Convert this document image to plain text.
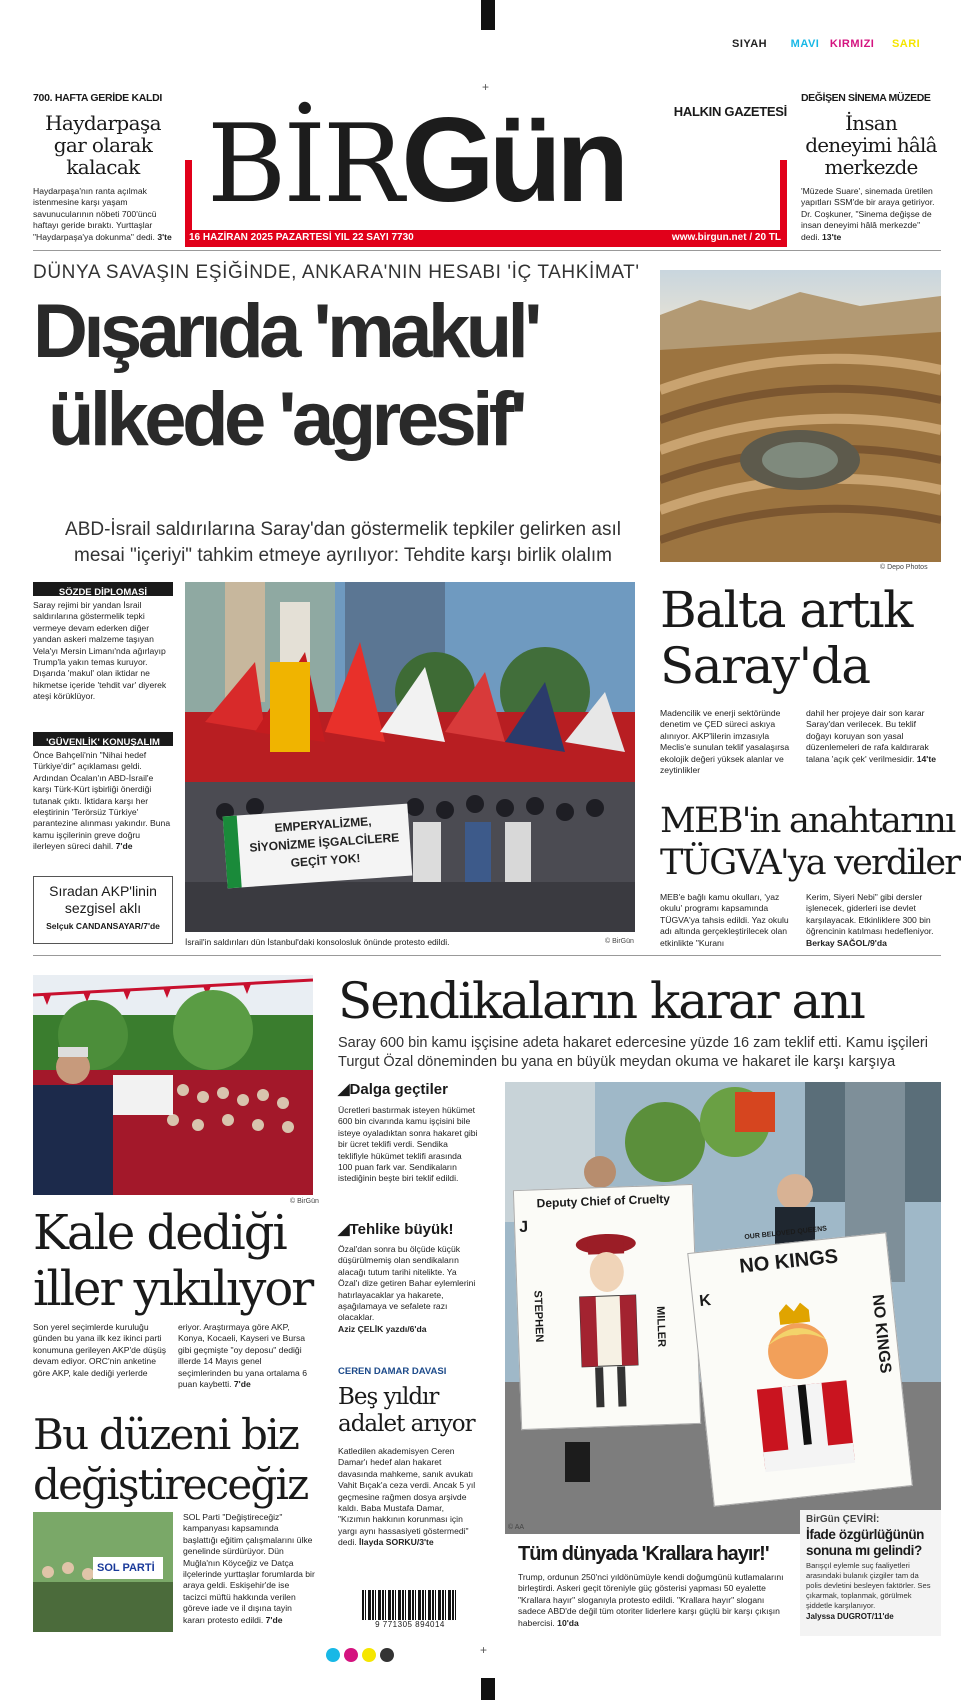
SIYAH MAVI KIRMIZI SARI
+
700. HAFTA GERİDE KALDI
Haydarpaşa gar olarak kalacak
Haydarpaşa'nın ranta açılmak istenmesine karşı yaşam savunucularının nöbeti 700'üncü haftayı geride bıraktı. Yurttaşlar "Haydarpaşa'ya dokunma" dedi. 3'te
BİRGün	HALKIN GAZETESİ
16 HAZİRAN 2025 PAZARTESİ YIL 22 SAYI 7730	www.birgun.net / 20 TL
DEĞİŞEN SİNEMA MÜZEDE
İnsan deneyimi hâlâ merkezde
'Müzede Suare', sinemada üretilen yapıtları SSM'de bir araya getiriyor. Dr. Coşkuner, "Sinema değişse de insan deneyimi hâlâ merkezde" dedi. 13'te
DÜNYA SAVAŞIN EŞİĞİNDE, ANKARA'NIN HESABI 'İÇ TAHKİMAT'
Dışarıda 'makul'
ülkede 'agresif'
ABD-İsrail saldırılarına Saray'dan göstermelik tepkiler gelirken asıl
mesai "içeriyi" tahkim etmeye ayrılıyor: Tehdite karşı birlik olalım
© Depo Photos
SÖZDE DİPLOMASİ
Saray rejimi bir yandan İsrail saldırılarına göstermelik tepki vermeye devam ederken diğer yandan askeri malzeme taşıyan Vela'yı Mersin Limanı'nda ağırlayıp Trump'la yakın temas kuruyor. Dışarıda 'makul' olan iktidar ne hikmetse içeride 'tehdit var' diyerek ateşi körüklüyor.
'GÜVENLİK' KONUŞALIM
Önce Bahçeli'nin "Nihai hedef Türkiye'dir" açıklaması geldi. Ardından Öcalan'ın ABD-İsrail'e karşı Türk-Kürt işbirliği önerdiği tutanak çıktı. İktidara karşı her eleştirinin 'Terörsüz Türkiye' parantezine alınması yakındır. Buna kamu işçilerinin greve doğru ilerleyen süreci dahil. 7'de
Sıradan AKP'linin
sezgisel aklı
Selçuk CANDANSAYAR/7'de
EMPERYALİZME, SİYONİZME İŞGALCİLERE GEÇİT YOK!
İsrail'in saldırıları dün İstanbul'daki konsolosluk önünde protesto edildi.	© BirGün
Balta artık
Saray'da
Madencilik ve enerji sektöründe denetim ve ÇED süreci askıya alınıyor. AKP'lilerin imzasıyla Meclis'e sunulan teklif yasalaşırsa ekolojik değeri yüksek alanlar ve zeytinlikler
dahil her projeye dair son karar Saray'dan verilecek. Bu teklif doğayı koruyan son yasal düzenlemeleri de rafa kaldırarak talana 'açık çek' verilmesidir. 14'te
MEB'in anahtarını
TÜGVA'ya verdiler
MEB'e bağlı kamu okulları, 'yaz okulu' programı kapsamında TÜGVA'ya tahsis edildi. Yaz okulu adı altında gerçekleştirilecek olan etkinlikte "Kuranı
Kerim, Siyeri Nebi" gibi dersler işlenecek, giderleri ise devlet karşılayacak. Etkinliklere 300 bin öğrencinin katılması hedefleniyor. Berkay SAĞOL/9'da
© BirGün
Kale dediği
iller yıkılıyor
Son yerel seçimlerde kuruluğu günden bu yana ilk kez ikinci parti konumuna gerileyen AKP'de düşüş devam ediyor. ORC'nin anketine göre AKP, kale dediği yerlerde
eriyor. Araştırmaya göre AKP, Konya, Kocaeli, Kayseri ve Bursa gibi geçmişte "oy deposu" dediği illerde 14 Mayıs genel seçimlerinden bu yana ortalama 6 puan kaybetti. 7'de
Bu düzeni biz
değiştireceğiz
SOL PARTİ
SOL Parti "Değiştireceğiz" kampanyası kapsamında başlattığı eğitim çalışmalarını ülke genelinde sürdürüyor. Dün Muğla'nın Köyceğiz ve Datça ilçelerinde yurttaşlar forumlarda bir araya geldi. Eskişehir'de ise tacizci müftü hakkında verilen göreve iade ve il dışına tayin kararı protesto edildi. 7'de
Sendikaların karar anı
Saray 600 bin kamu işçisine adeta hakaret edercesine yüzde 16 zam teklif etti. Kamu işçileri Turgut Özal döneminden bu yana en büyük meydan okuma ve hakaret ile karşı karşıya
◢Dalga geçtiler
Ücretleri bastırmak isteyen hükümet 600 bin civarında kamu işçisini bile isteye oyaladıktan sonra hakaret gibi bir ücret teklifi verdi. Sendika teklifiyle hükümet teklifi arasında 100 puan fark var. Sendikaların istediğinin beşte biri teklif edildi.
◢Tehlike büyük!
Özal'dan sonra bu ölçüde küçük düşürülmemiş olan sendikaların alacağı tutum tarihi nitelikte. Ya Özal'ı dize getiren Bahar eylemlerini hatırlayacaklar ya hakarete, aşağılamaya ve sefalete razı olacaklar.
Aziz ÇELİK yazdı/6'da
CEREN DAMAR DAVASI
Beş yıldır
adalet arıyor
Katledilen akademisyen Ceren Damar'ı hedef alan hakaret davasında mahkeme, sanık avukatı Vahit Bıçak'a ceza verdi. Ancak 5 yıl geçmesine rağmen dosya arşivde kaldı. Baba Mustafa Damar, "Kızımın hakkının korunması için yargı aynı hassasiyeti göstermedi" dedi. İlayda SORKU/3'te
9 771305 894014
Deputy Chief of Cruelty
J
STEPHEN	MILLER
OUR BELOVED QUEENS
NO KINGS
K	NO KINGS
© AA
Tüm dünyada 'Krallara hayır!'
Trump, ordunun 250'nci yıldönümüyle kendi doğumgünü kutlamalarını birleştirdi. Askeri geçit töreniyle güç gösterisi yapması 50 eyalette "Krallara hayır" sloganıyla protesto edildi. "Krallara hayır" sloganı sadece ABD'de değil tüm otoriter liderlere karşı güçlü bir karşı çıkışın habercisi. 10'da
BirGün ÇEVİRİ:
İfade özgürlüğünün sonuna mı gelindi?
Barışçıl eylemle suç faaliyetleri arasındaki bulanık çizgiler tam da polis devletini besleyen faktörler. Ses çıkarmak, toplanmak, görülmek şiddetle karşılanıyor.
Jalyssa DUGROT/11'de
+
